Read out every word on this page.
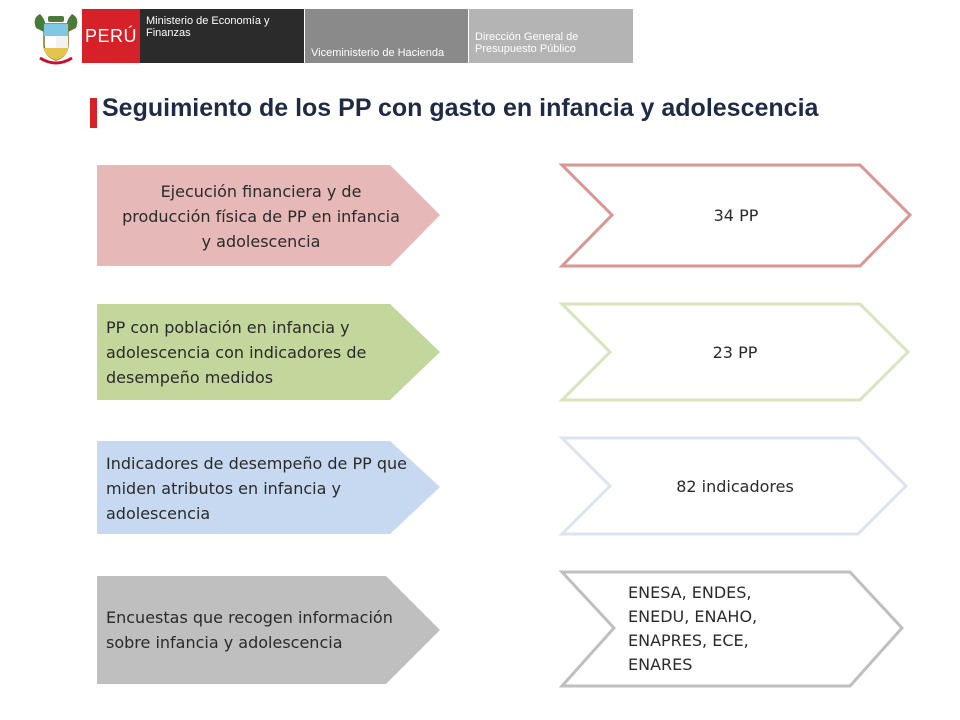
PERÚ
Ministerio de Economía y Finanzas
Viceministerio de Hacienda
Dirección General de Presupuesto Público
Seguimiento de los PP con gasto en infancia y adolescencia
Ejecución financiera y de producción física de PP en infancia y adolescencia
PP con población en infancia y adolescencia con indicadores de desempeño medidos
Indicadores de desempeño de PP que miden atributos en infancia y adolescencia
Encuestas que recogen información sobre infancia y adolescencia
34 PP
23 PP
82 indicadores
ENESA, ENDES, ENEDU, ENAHO, ENAPRES, ECE, ENARES
